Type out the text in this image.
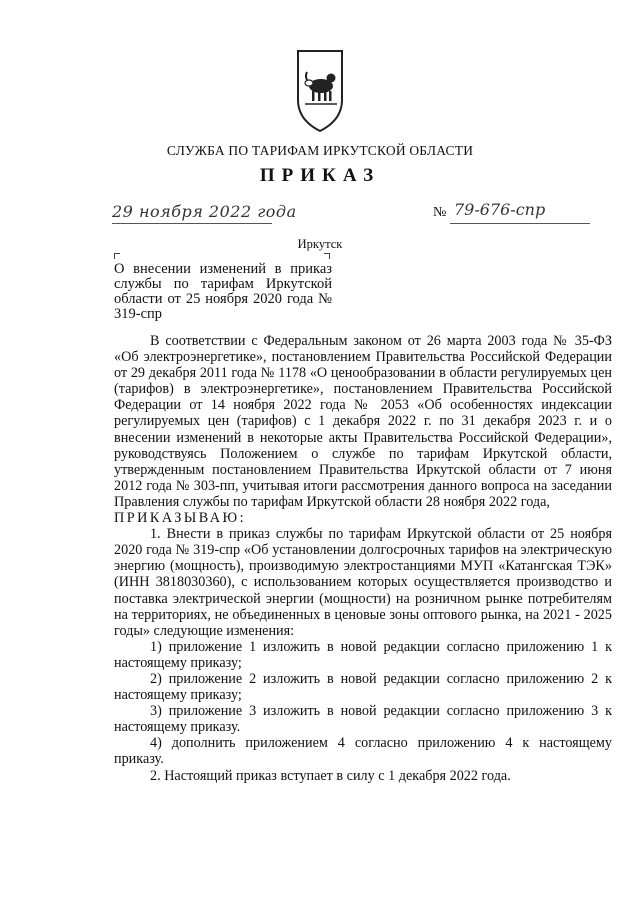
СЛУЖБА ПО ТАРИФАМ ИРКУТСКОЙ ОБЛАСТИ
ПРИКАЗ
29 ноября 2022 года	№ 79-676-спр
Иркутск
О внесении изменений в приказ службы по тарифам Иркутской области от 25 ноября 2020 года № 319-спр

В соответствии с Федеральным законом от 26 марта 2003 года № 35-ФЗ «Об электроэнергетике», постановлением Правительства Российской Федерации от 29 декабря 2011 года № 1178 «О ценообразовании в области регулируемых цен (тарифов) в электроэнергетике», постановлением Правительства Российской Федерации от 14 ноября 2022 года № 2053 «Об особенностях индексации регулируемых цен (тарифов) с 1 декабря 2022 г. по 31 декабря 2023 г. и о внесении изменений в некоторые акты Правительства Российской Федерации», руководствуясь Положением о службе по тарифам Иркутской области, утвержденным постановлением Правительства Иркутской области от 7 июня 2012 года № 303-пп, учитывая итоги рассмотрения данного вопроса на заседании Правления службы по тарифам Иркутской области 28 ноября 2022 года,

ПРИКАЗЫВАЮ:

1. Внести в приказ службы по тарифам Иркутской области от 25 ноября 2020 года № 319-спр «Об установлении долгосрочных тарифов на электрическую энергию (мощность), производимую электростанциями МУП «Катангская ТЭК» (ИНН 3818030360), с использованием которых осуществляется производство и поставка электрической энергии (мощности) на розничном рынке потребителям на территориях, не объединенных в ценовые зоны оптового рынка, на 2021 - 2025 годы» следующие изменения:

1) приложение 1 изложить в новой редакции согласно приложению 1 к настоящему приказу;

2) приложение 2 изложить в новой редакции согласно приложению 2 к настоящему приказу;

3) приложение 3 изложить в новой редакции согласно приложению 3 к настоящему приказу.

4) дополнить приложением 4 согласно приложению 4 к настоящему приказу.

2. Настоящий приказ вступает в силу с 1 декабря 2022 года.
